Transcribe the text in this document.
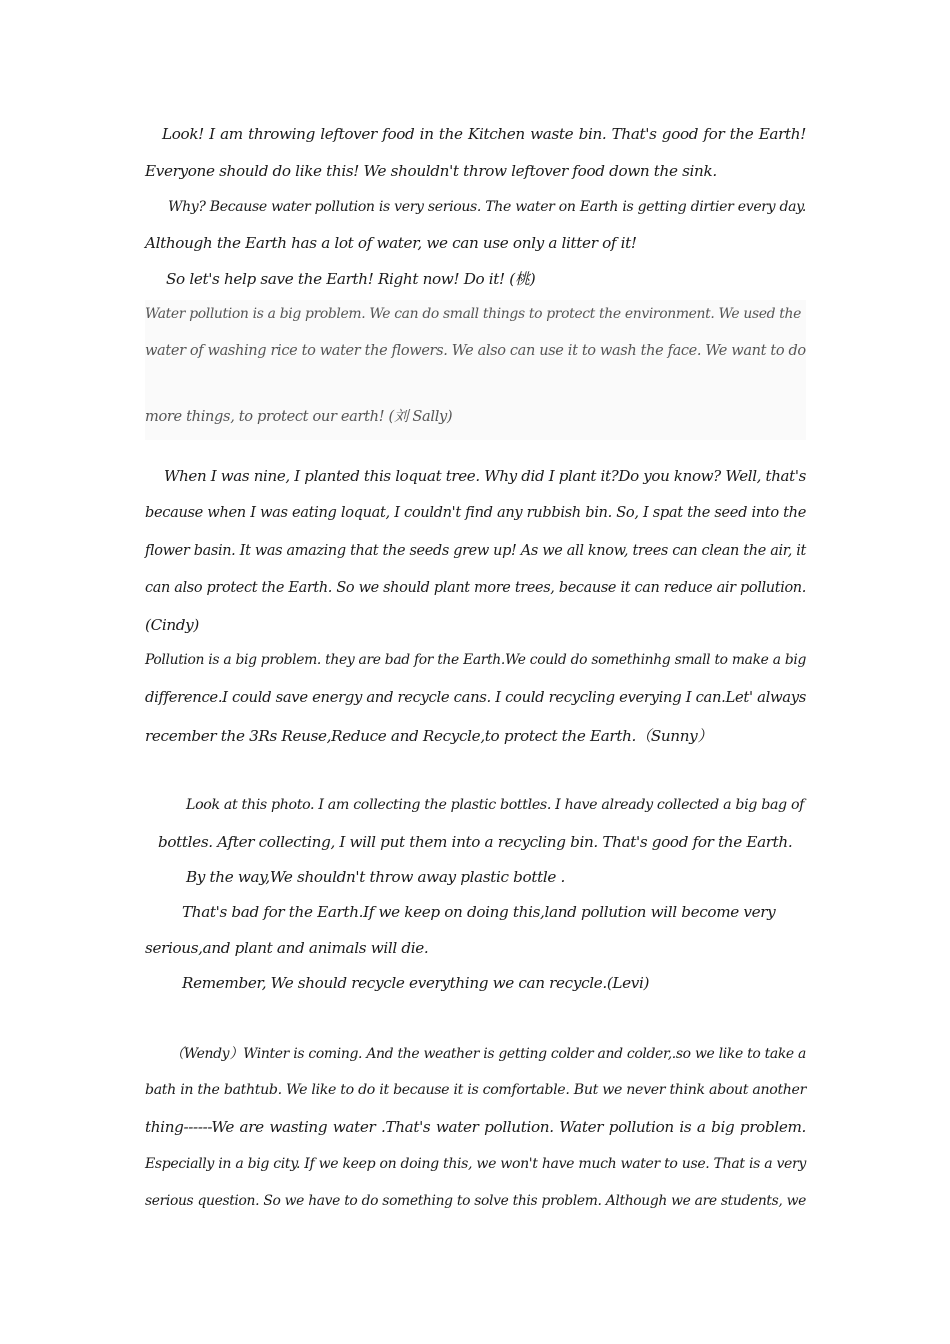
Look! I am throwing leftover food in the Kitchen waste bin. That's good for the Earth!
Everyone should do like this! We shouldn't throw leftover food down the sink.
Why? Because water pollution is very serious. The water on Earth is getting dirtier every day.
Although the Earth has a lot of water, we can use only a litter of it!
So let's help save the Earth! Right now! Do it! (桃)
Water pollution is a big problem. We can do small things to protect the environment. We used the
water of washing rice to water the flowers. We also can use it to wash the face. We want to do
more things, to protect our earth! (刘 Sally)
When I was nine, I planted this loquat tree. Why did I plant it?Do you know? Well, that's
because when I was eating loquat, I couldn't find any rubbish bin. So, I spat the seed into the
flower basin. It was amazing that the seeds grew up! As we all know, trees can clean the air, it
can also protect the Earth. So we should plant more trees, because it can reduce air pollution.
(Cindy)
Pollution is a big problem. they are bad for the Earth.We could do somethinhg small to make a big
difference.I could save energy and recycle cans. I could recycling everying I can.Let' always
recember the 3Rs Reuse,Reduce and Recycle,to protect the Earth.（Sunny）
Look at this photo. I am collecting the plastic bottles. I have already collected a big bag of
bottles. After collecting, I will put them into a recycling bin. That's good for the Earth.
By the way,We shouldn't throw away plastic bottle .
That's bad for the Earth.If we keep on doing this,land pollution will become very
serious,and plant and animals will die.
Remember, We should recycle everything we can recycle.(Levi)
（Wendy）Winter is coming. And the weather is getting colder and colder,.so we like to take a
bath in the bathtub. We like to do it because it is comfortable. But we never think about another
thing------We are wasting water .That's water pollution. Water pollution is a big problem.
Especially in a big city. If we keep on doing this, we won't have much water to use. That is a very
serious question. So we have to do something to solve this problem. Although we are students, we
